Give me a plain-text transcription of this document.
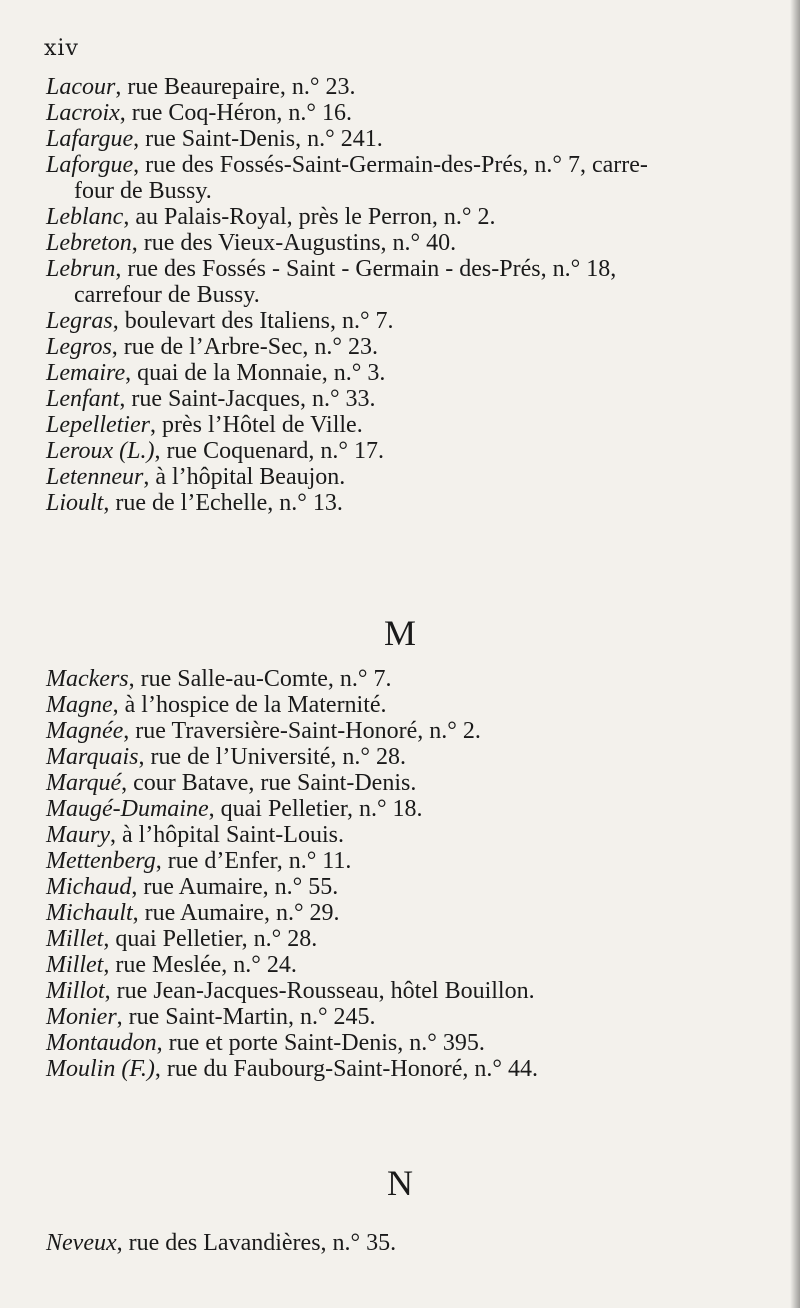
xiv
Lacour, rue Beaurepaire, n.° 23.
Lacroix, rue Coq-Héron, n.° 16.
Lafargue, rue Saint-Denis, n.° 241.
Laforgue, rue des Fossés-Saint-Germain-des-Prés, n.° 7, carre-
four de Bussy.
Leblanc, au Palais-Royal, près le Perron, n.° 2.
Lebreton, rue des Vieux-Augustins, n.° 40.
Lebrun, rue des Fossés - Saint - Germain - des-Prés, n.° 18,
carrefour de Bussy.
Legras, boulevart des Italiens, n.° 7.
Legros, rue de l’Arbre-Sec, n.° 23.
Lemaire, quai de la Monnaie, n.° 3.
Lenfant, rue Saint-Jacques, n.° 33.
Lepelletier, près l’Hôtel de Ville.
Leroux (L.), rue Coquenard, n.° 17.
Letenneur, à l’hôpital Beaujon.
Lioult, rue de l’Echelle, n.° 13.
M
Mackers, rue Salle-au-Comte, n.° 7.
Magne, à l’hospice de la Maternité.
Magnée, rue Traversière-Saint-Honoré, n.° 2.
Marquais, rue de l’Université, n.° 28.
Marqué, cour Batave, rue Saint-Denis.
Maugé-Dumaine, quai Pelletier, n.° 18.
Maury, à l’hôpital Saint-Louis.
Mettenberg, rue d’Enfer, n.° 11.
Michaud, rue Aumaire, n.° 55.
Michault, rue Aumaire, n.° 29.
Millet, quai Pelletier, n.° 28.
Millet, rue Meslée, n.° 24.
Millot, rue Jean-Jacques-Rousseau, hôtel Bouillon.
Monier, rue Saint-Martin, n.° 245.
Montaudon, rue et porte Saint-Denis, n.° 395.
Moulin (F.), rue du Faubourg-Saint-Honoré, n.° 44.
N
Neveux, rue des Lavandières, n.° 35.
